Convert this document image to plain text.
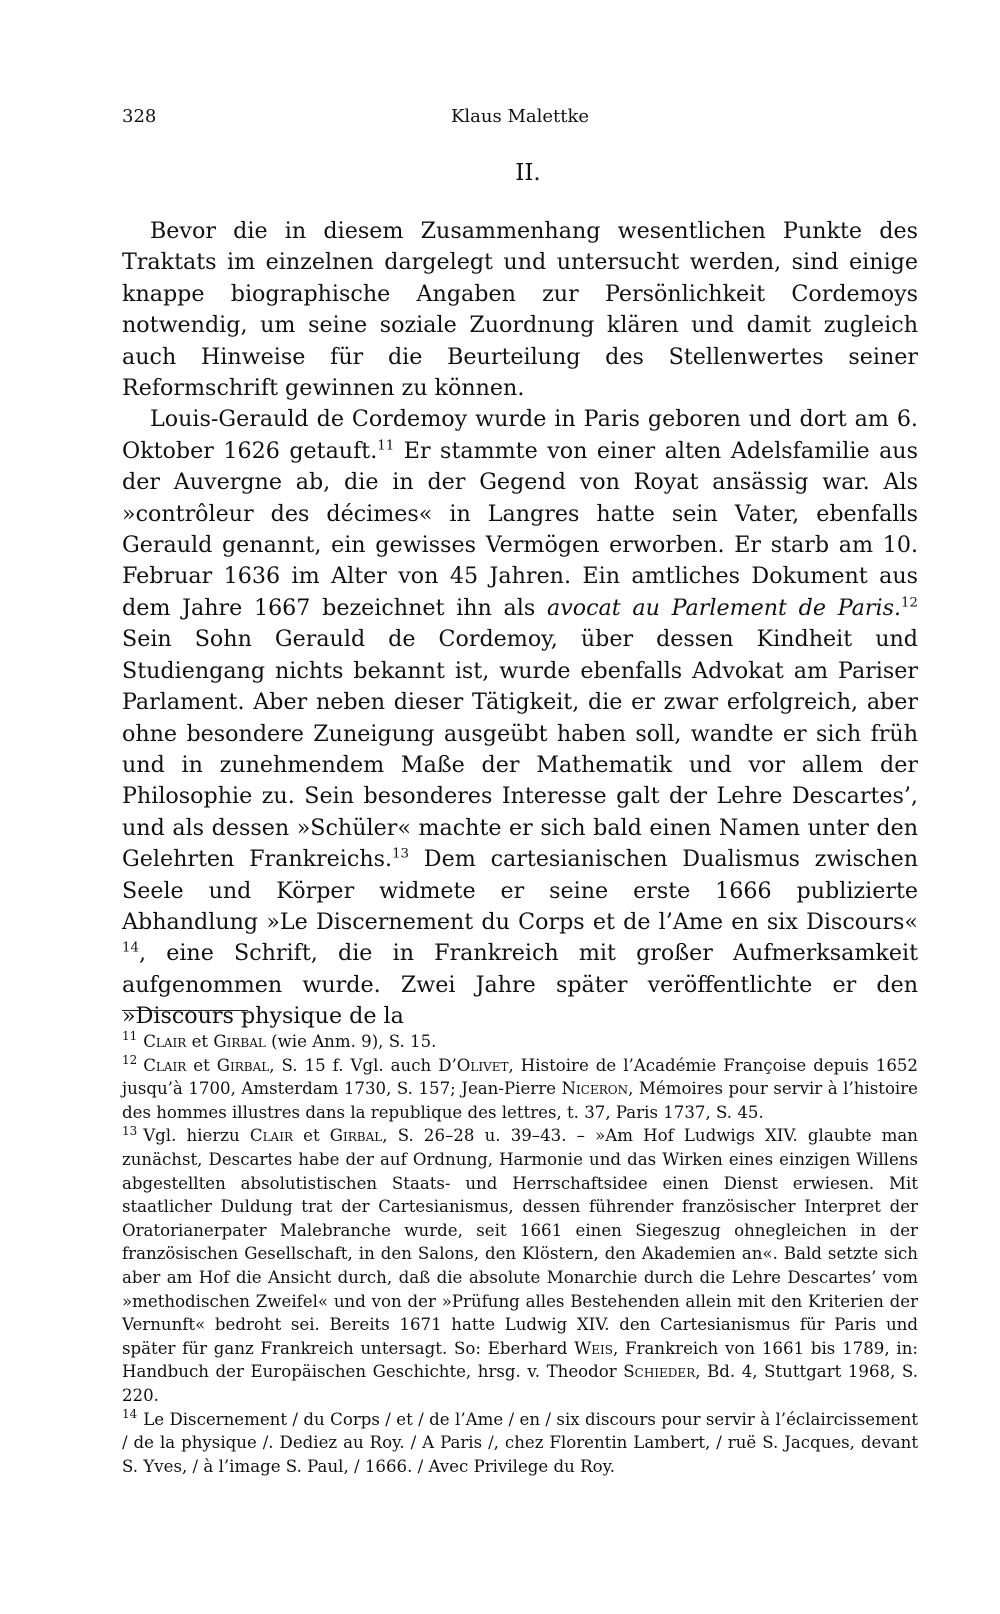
328	Klaus Malettke
II.

Bevor die in diesem Zusammenhang wesentlichen Punkte des Traktats im einzelnen dargelegt und untersucht werden, sind einige knappe biographische Angaben zur Persönlichkeit Cordemoys notwendig, um seine soziale Zuordnung klären und damit zugleich auch Hinweise für die Beurteilung des Stellenwertes seiner Reformschrift gewinnen zu können.

Louis-Gerauld de Cordemoy wurde in Paris geboren und dort am 6. Oktober 1626 getauft.$^{11}$ Er stammte von einer alten Adelsfamilie aus der Auvergne ab, die in der Gegend von Royat ansässig war. Als »contrôleur des décimes« in Langres hatte sein Vater, ebenfalls Gerauld genannt, ein gewisses Vermögen erworben. Er starb am 10. Februar 1636 im Alter von 45 Jahren. Ein amtliches Dokument aus dem Jahre 1667 bezeichnet ihn als avocat au Parlement de Paris.$^{12}$ Sein Sohn Gerauld de Cordemoy, über dessen Kindheit und Studiengang nichts bekannt ist, wurde ebenfalls Advokat am Pariser Parlament. Aber neben dieser Tätigkeit, die er zwar erfolgreich, aber ohne besondere Zuneigung ausgeübt haben soll, wandte er sich früh und in zunehmendem Maße der Mathematik und vor allem der Philosophie zu. Sein besonderes Interesse galt der Lehre Descartes’, und als dessen »Schüler« machte er sich bald einen Namen unter den Gelehrten Frankreichs.$^{13}$ Dem cartesianischen Dualismus zwischen Seele und Körper widmete er seine erste 1666 publizierte Abhandlung »Le Discernement du Corps et de l’Ame en six Discours« $^{14}$, eine Schrift, die in Frankreich mit großer Aufmerksamkeit aufgenommen wurde. Zwei Jahre später veröffentlichte er den »Discours physique de la

$^{11}$ Clair et Girbal (wie Anm. 9), S. 15.

$^{12}$ Clair et Girbal, S. 15 f. Vgl. auch D’Olivet, Histoire de l’Académie Françoise depuis 1652 jusqu’à 1700, Amsterdam 1730, S. 157; Jean-Pierre Niceron, Mémoires pour servir à l’histoire des hommes illustres dans la republique des lettres, t. 37, Paris 1737, S. 45.

$^{13}$ Vgl. hierzu Clair et Girbal, S. 26–28 u. 39–43. – »Am Hof Ludwigs XIV. glaubte man zunächst, Descartes habe der auf Ordnung, Harmonie und das Wirken eines einzigen Willens abgestellten absolutistischen Staats- und Herrschaftsidee einen Dienst erwiesen. Mit staatlicher Duldung trat der Cartesianismus, dessen führender französischer Interpret der Oratorianerpater Malebranche wurde, seit 1661 einen Siegeszug ohnegleichen in der französischen Gesellschaft, in den Salons, den Klöstern, den Akademien an«. Bald setzte sich aber am Hof die Ansicht durch, daß die absolute Monarchie durch die Lehre Descartes’ vom »methodischen Zweifel« und von der »Prüfung alles Bestehenden allein mit den Kriterien der Vernunft« bedroht sei. Bereits 1671 hatte Ludwig XIV. den Cartesianismus für Paris und später für ganz Frankreich untersagt. So: Eberhard Weis, Frankreich von 1661 bis 1789, in: Handbuch der Europäischen Geschichte, hrsg. v. Theodor Schieder, Bd. 4, Stuttgart 1968, S. 220.

$^{14}$ Le Discernement / du Corps / et / de l’Ame / en / six discours pour servir à l’éclaircissement / de la physique /. Dediez au Roy. / A Paris /, chez Florentin Lambert, / ruë S. Jacques, devant S. Yves, / à l’image S. Paul, / 1666. / Avec Privilege du Roy.
